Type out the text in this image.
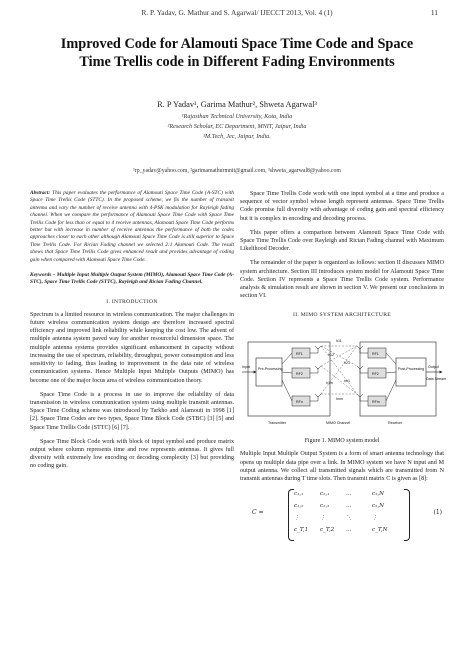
R. P. Yadav, G. Mathur and S. Agarwal/ IJECCT 2013, Vol. 4 (1)	11
Improved Code for Alamouti Space Time Code and Space Time Trellis code in Different Fading Environments
R. P Yadav¹, Garima Mathur², Shweta Agarwal³
¹Rajasthan Technical University, Kota, India
²Research Scholar, EC Department, MNIT, Jaipur, India
³M.Tech, Jec, Jaipur, India.
¹rp_yadav@yahoo.com, ²garimamathurmnit@gmail.com, ³shweta_agarwal8@yahoo.com

Abstract: This paper evaluates the performance of Alamouti Space Time Code (A-STC) with Space Time Trellis Code (STTC). In the proposed scheme, we fix the number of transmit antenna and vary the number of receive antenna with 4-PSK modulation for Rayleigh fading channel. When we compare the performance of Alamouti Space Time Code with Space Time Trellis Code for less than or equal to 4 receive antennas, Alamouti Space Time Code performs better but with increase in number of receive antennas the performance of both the codes approaches closer to each other although Alamouti Space Time Code is still superior to Space Time Trellis Code. For Rician Fading channel we selected 2:1 Alamouti Code. The result shows that Space Time Trellis Code gives enhanced result and provides advantage of coding gain when compared with Alamouti Space Time Code.

Keywords – Multiple Input Multiple Output System (MIMO), Alamouti Space Time Code (A-STC), Space Time Trellis Code (STTC), Rayleigh and Rician Fading Channel.

I. INTRODUCTION

Spectrum is a limited resource in wireless communication. The major challenges in future wireless communication system design are therefore increased spectral efficiency and improved link reliability while keeping the cost low. The advent of multiple antenna system paved way for another resourceful dimension space. The multiple antenna systems provides significant enhancement in capacity without increasing the use of spectrum, reliability, throughput, power consumption and less sensitivity to fading, thus leading to improvement in the data rate of wireless communication systems. Hence Multiple Input Multiple Outputs (MIMO) has become one of the major focus area of wireless communication theory.

Space Time Code is a process in use to improve the reliability of data transmission in wireless communication system using multiple transmit antennas. Space Time Coding scheme was introduced by Tarkho and Alamouti in 1998 [1] [2]. Space Time Codes are two types, Space Time Block Code (STBC) [3] [5] and Space Time Trellis Code (STTC) [6] [7].

Space Time Block Code work with block of input symbol and produce matrix output where column represents time and row represents antennas. It gives full diversity with extremely low encoding or decoding complexity [3] but providing no coding gain.

Space Time Trellis Code work with one input symbol at a time and produce a sequence of vector symbol whose length represent antennas. Space Time Trellis Code promise full diversity with advantage of coding gain and spectral efficiency but it is complex in encoding and decoding process.

This paper offers a comparison between Alamouti Space Time Code with Space Time Trellis Code over Rayleigh and Rician Fading channel with Maximum Likelihood Decoder.

The remainder of the paper is organized as follows: section II discusses MIMO system architecture. Section III introduces system model for Alamouti Space Time Code. Section IV represents a Space Time Trellis Code system. Performance analysis & simulation result are shown in section V. We present our conclusions in section VI.

II. MIMO SYSTEM ARCHITECTURE
Input Pre-Processing	Post-Processing Output
RF1
RF2
RFn
RF1
RF2
RFm
h11
h12
h21
h1m	hn1
hnm
Transmitter	MIMO Channel	Receiver
Data Stream
Figure 1. MIMO system model

Multiple Input Multiple Output System is a form of smart antenna technology that opens up multiple data pipe over a link. In MIMO system we have N input and M output antenna. We collect all transmitted signals which are transmitted from N transmit antennas during T time slots. Then transmit matrix C is given as [8]:

C =
c₁,₁	c₂,₁	…	c₁,N
c₁,₂	c₂,₂	…	c₂,N
⋮	⋮	⋱	⋮
c_T,1 c_T,2 …	c_T,N
(1)
